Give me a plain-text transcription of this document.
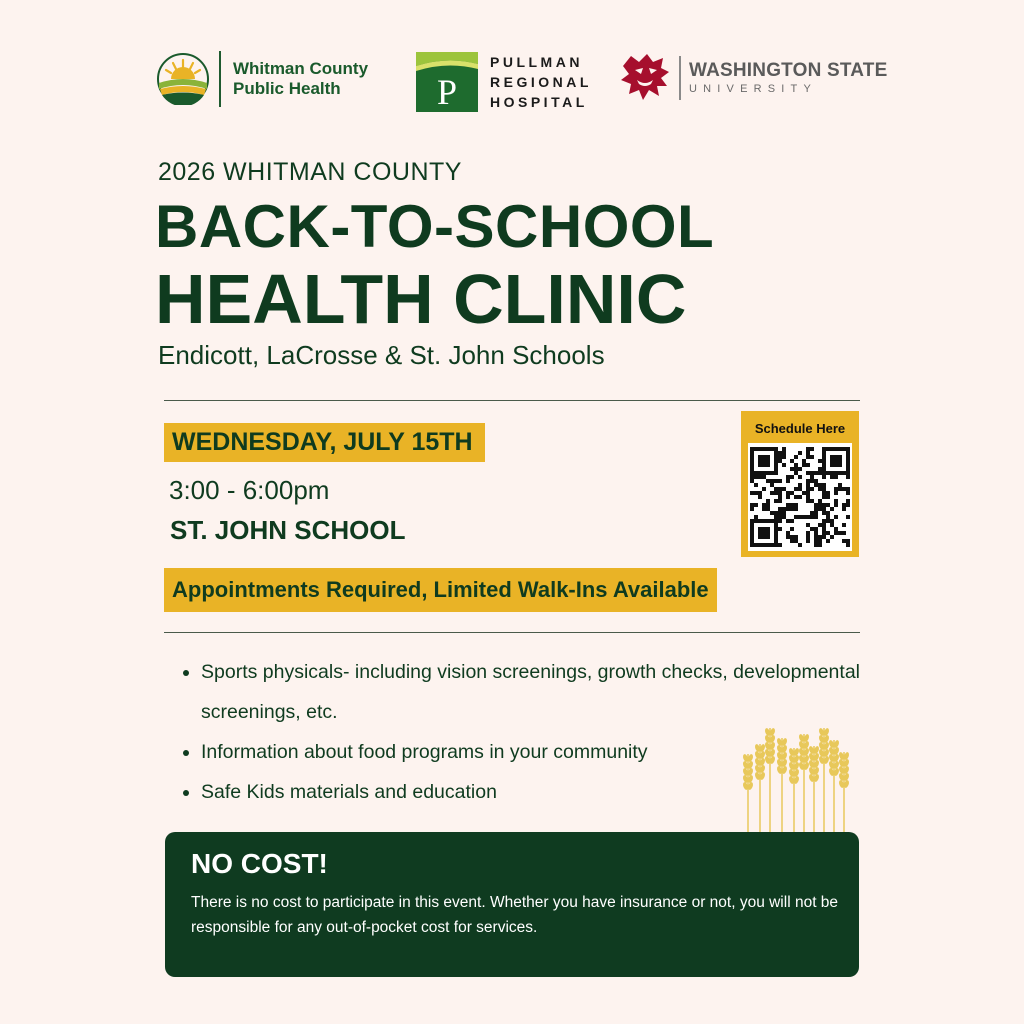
Whitman County
Public Health	P
PULLMAN
REGIONAL
HOSPITAL
WASHINGTON STATE
UNIVERSITY
2026 WHITMAN COUNTY
BACK-TO-SCHOOL
HEALTH CLINIC
Endicott, LaCrosse & St. John Schools
WEDNESDAY, JULY 15TH
3:00 - 6:00pm
ST. JOHN SCHOOL
Appointments Required, Limited Walk-Ins Available
Schedule Here
• Sports physicals- including vision screenings, growth checks, developmental screenings, etc.
• Information about food programs in your community
• Safe Kids materials and education
NO COST!
There is no cost to participate in this event. Whether you have insurance or not, you will not be responsible for any out-of-pocket cost for services.
